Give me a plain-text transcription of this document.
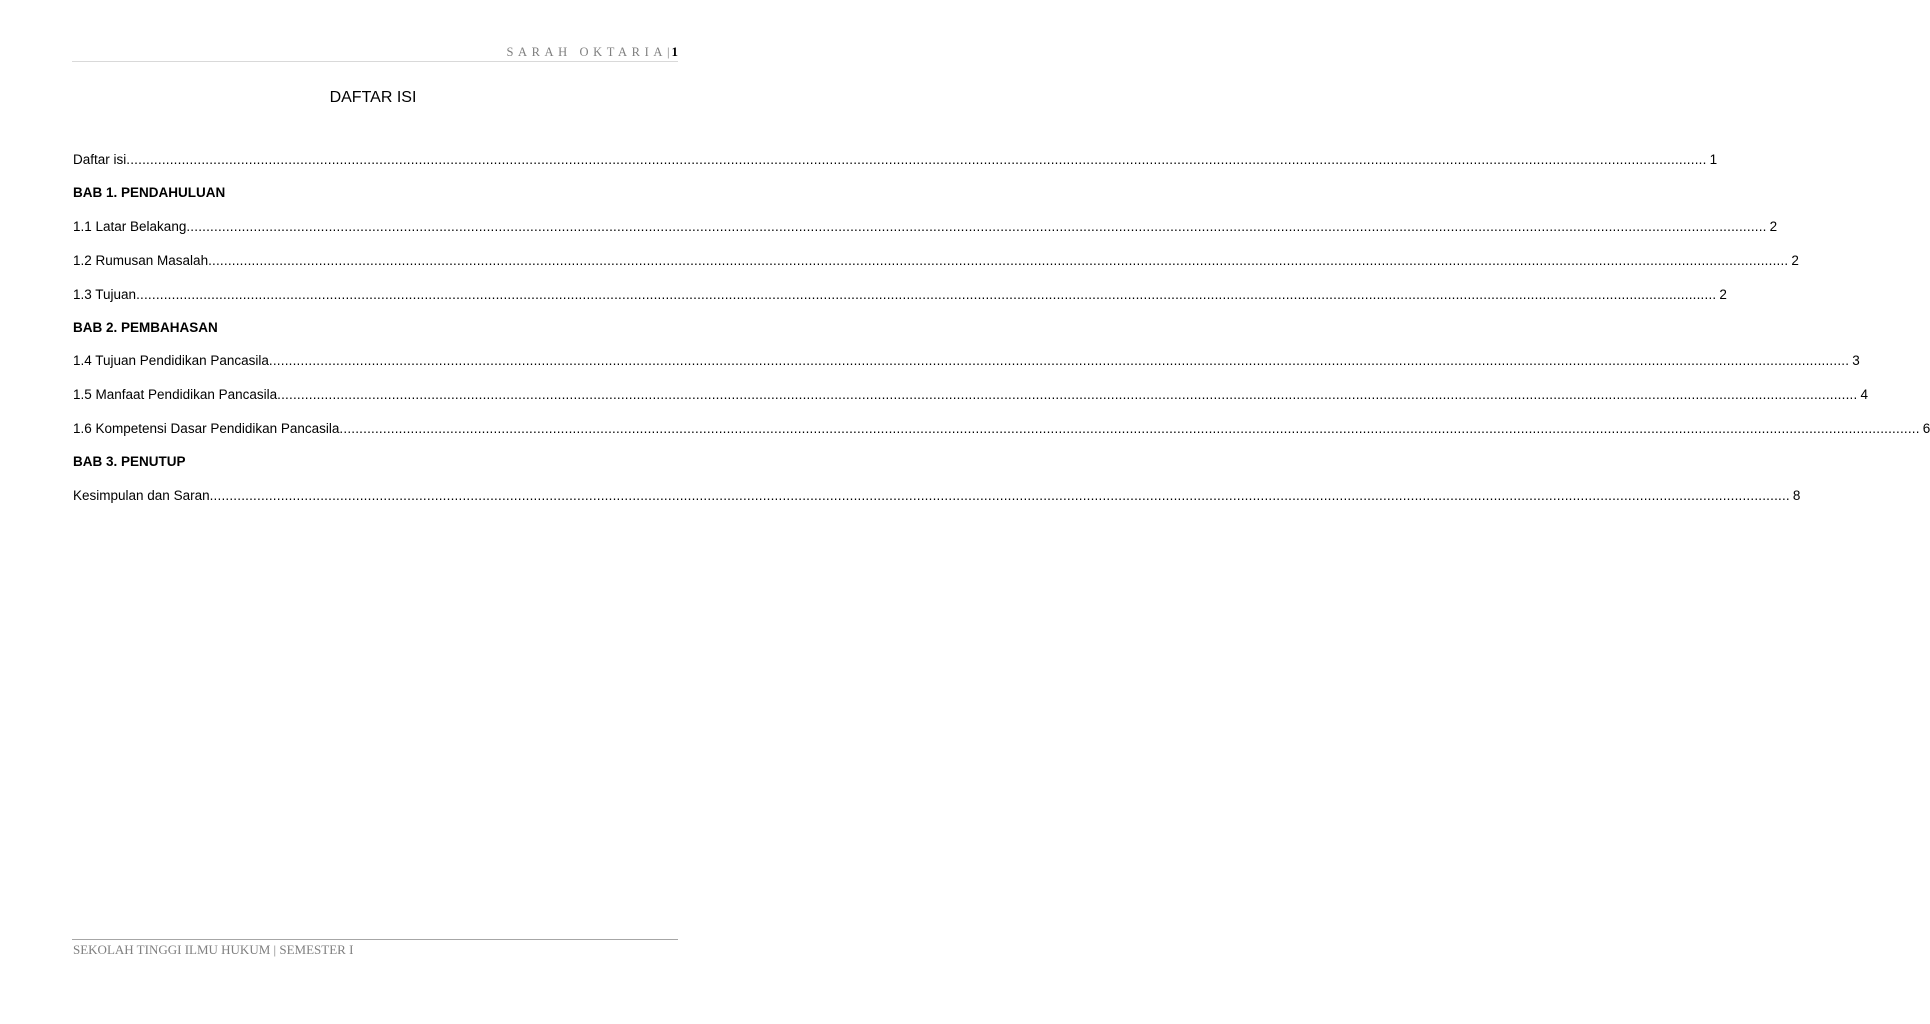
SARAH OKTARIA| 1
DAFTAR ISI
Daftar isi ................................................................................................................................................................................................................................................................................................................................................................................................................ 1
BAB 1. PENDAHULUAN
1.1 Latar Belakang ................................................................................................................................................................................................................................................................................................................................................................................................................ 2
1.2 Rumusan Masalah ................................................................................................................................................................................................................................................................................................................................................................................................................ 2
1.3 Tujuan ................................................................................................................................................................................................................................................................................................................................................................................................................ 2
BAB 2. PEMBAHASAN
1.4 Tujuan Pendidikan Pancasila ................................................................................................................................................................................................................................................................................................................................................................................................................ 3
1.5 Manfaat Pendidikan Pancasila ................................................................................................................................................................................................................................................................................................................................................................................................................ 4
1.6 Kompetensi Dasar Pendidikan Pancasila ................................................................................................................................................................................................................................................................................................................................................................................................................ 6
BAB 3. PENUTUP
Kesimpulan dan Saran ................................................................................................................................................................................................................................................................................................................................................................................................................ 8
SEKOLAH TINGGI ILMU HUKUM | SEMESTER I
